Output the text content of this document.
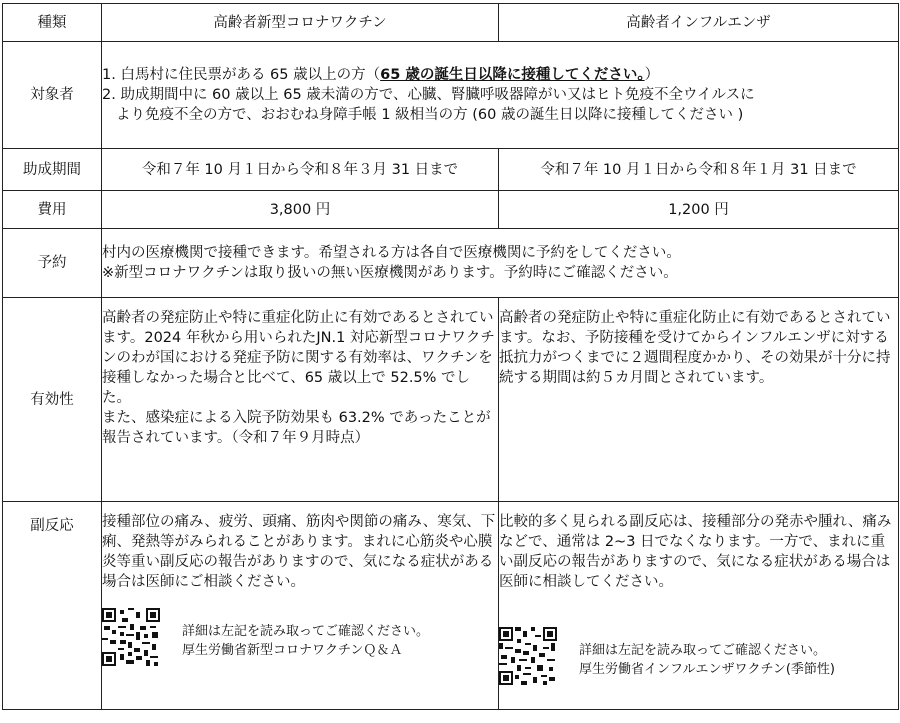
種類	高齢者新型コロナワクチン	高齢者インフルエンザ
対象者	1. 白馬村に住民票がある 65 歳以上の方（65 歳の誕生日以降に接種してください。）
2. 助成期間中に 60 歳以上 65 歳未満の方で、心臓、腎臓呼吸器障がい又はヒト免疫不全ウイルスに
より免疫不全の方で、おおむね身障手帳 1 級相当の方 (60 歳の誕生日以降に接種してください )	

助成期間	令和７年 10 月１日から令和８年３月 31 日まで	令和７年 10 月１日から令和８年１月 31 日まで
費用	3,800 円	1,200 円
予約	村内の医療機関で接種できます。希望される方は各自で医療機関に予約をしてください。
※新型コロナワクチンは取り扱いの無い医療機関があります。予約時にご確認ください。	

有効性	高齢者の発症防止や特に重症化防止に有効であるとされています。2024 年秋から用いられたJN.1 対応新型コロナワクチンのわが国における発症予防に関する有効率は、ワクチンを接種しなかった場合と比べて、65 歳以上で 52.5% でした。
また、感染症による入院予防効果も 63.2% であったことが報告されています。（令和７年９月時点）	高齢者の発症防止や特に重症化防止に有効であるとされています。なお、予防接種を受けてからインフルエンザに対する抵抗力がつくまでに２週間程度かかり、その効果が十分に持続する期間は約５カ月間とされています。
副反応	接種部位の痛み、疲労、頭痛、筋肉や関節の痛み、寒気、下痢、発熱等がみられることがあります。まれに心筋炎や心膜炎等重い副反応の報告がありますので、気になる症状がある場合は医師にご相談ください。
詳細は左記を読み取ってご確認ください。
厚生労働省新型コロナワクチンＱ＆Ａ	比較的多く見られる副反応は、接種部分の発赤や腫れ、痛みなどで、通常は 2~3 日でなくなります。一方で、まれに重い副反応の報告がありますので、気になる症状がある場合は医師に相談してください。
詳細は左記を読み取ってご確認ください。
厚生労働省インフルエンザワクチン(季節性)
